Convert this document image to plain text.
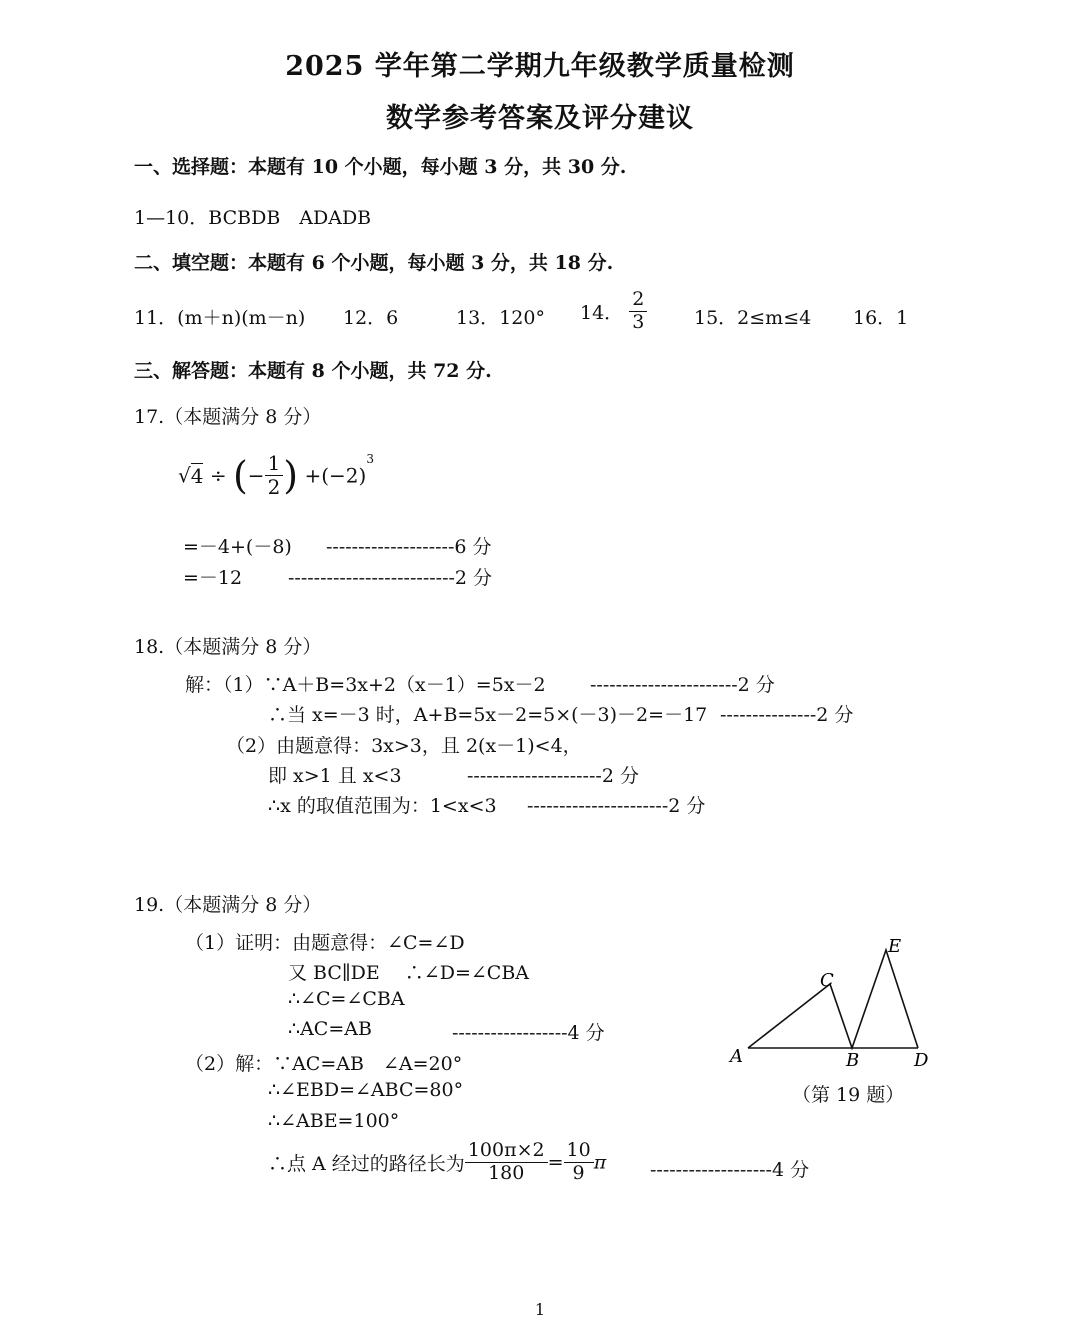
2025 学年第二学期九年级教学质量检测
数学参考答案及评分建议
一、选择题：本题有 10 个小题，每小题 3 分，共 30 分.
1—10．BCBDB　ADADB
二、填空题：本题有 6 个小题，每小题 3 分，共 18 分.
11．(m＋n)(m－n) 12．6	13．120° 14． $\frac{2}{3} 15$．2≤m≤4 16．1
三、解答题：本题有 8 个小题，共 72 分.
17.（本题满分 8 分）
√4 ÷ (− $\frac{1}{2}$ ) $+(-2)^3$
=－4+(－8) --------------------6 分
=－12 --------------------------2 分
18.（本题满分 8 分）
解：（1）∵A＋B=3x+2（x－1）=5x－2 -----------------------2 分
∴当 x=－3 时，A+B=5x－2=5×(－3)－2=－17 ---------------2 分
（2）由题意得：3x>3，且 2(x－1)<4，
即 x>1 且 x<3	---------------------2 分
∴x 的取值范围为：1<x<3 ----------------------2 分
19.（本题满分 8 分）
（1）证明：由题意得：∠C=∠D
又 BC∥DE　 ∴∠D=∠CBA
∴∠C=∠CBA
∴AC=AB	------------------4 分
（2）解：∵AC=AB　∠A=20°
∴∠EBD=∠ABC=80°
∴∠ABE=100°
∴点 A 经过的路径长为 $\frac{100\pi\times 2}{180} = \frac{10}{9}$ π -------------------4 分
A	B
C
D
E
（第 19 题）
1
